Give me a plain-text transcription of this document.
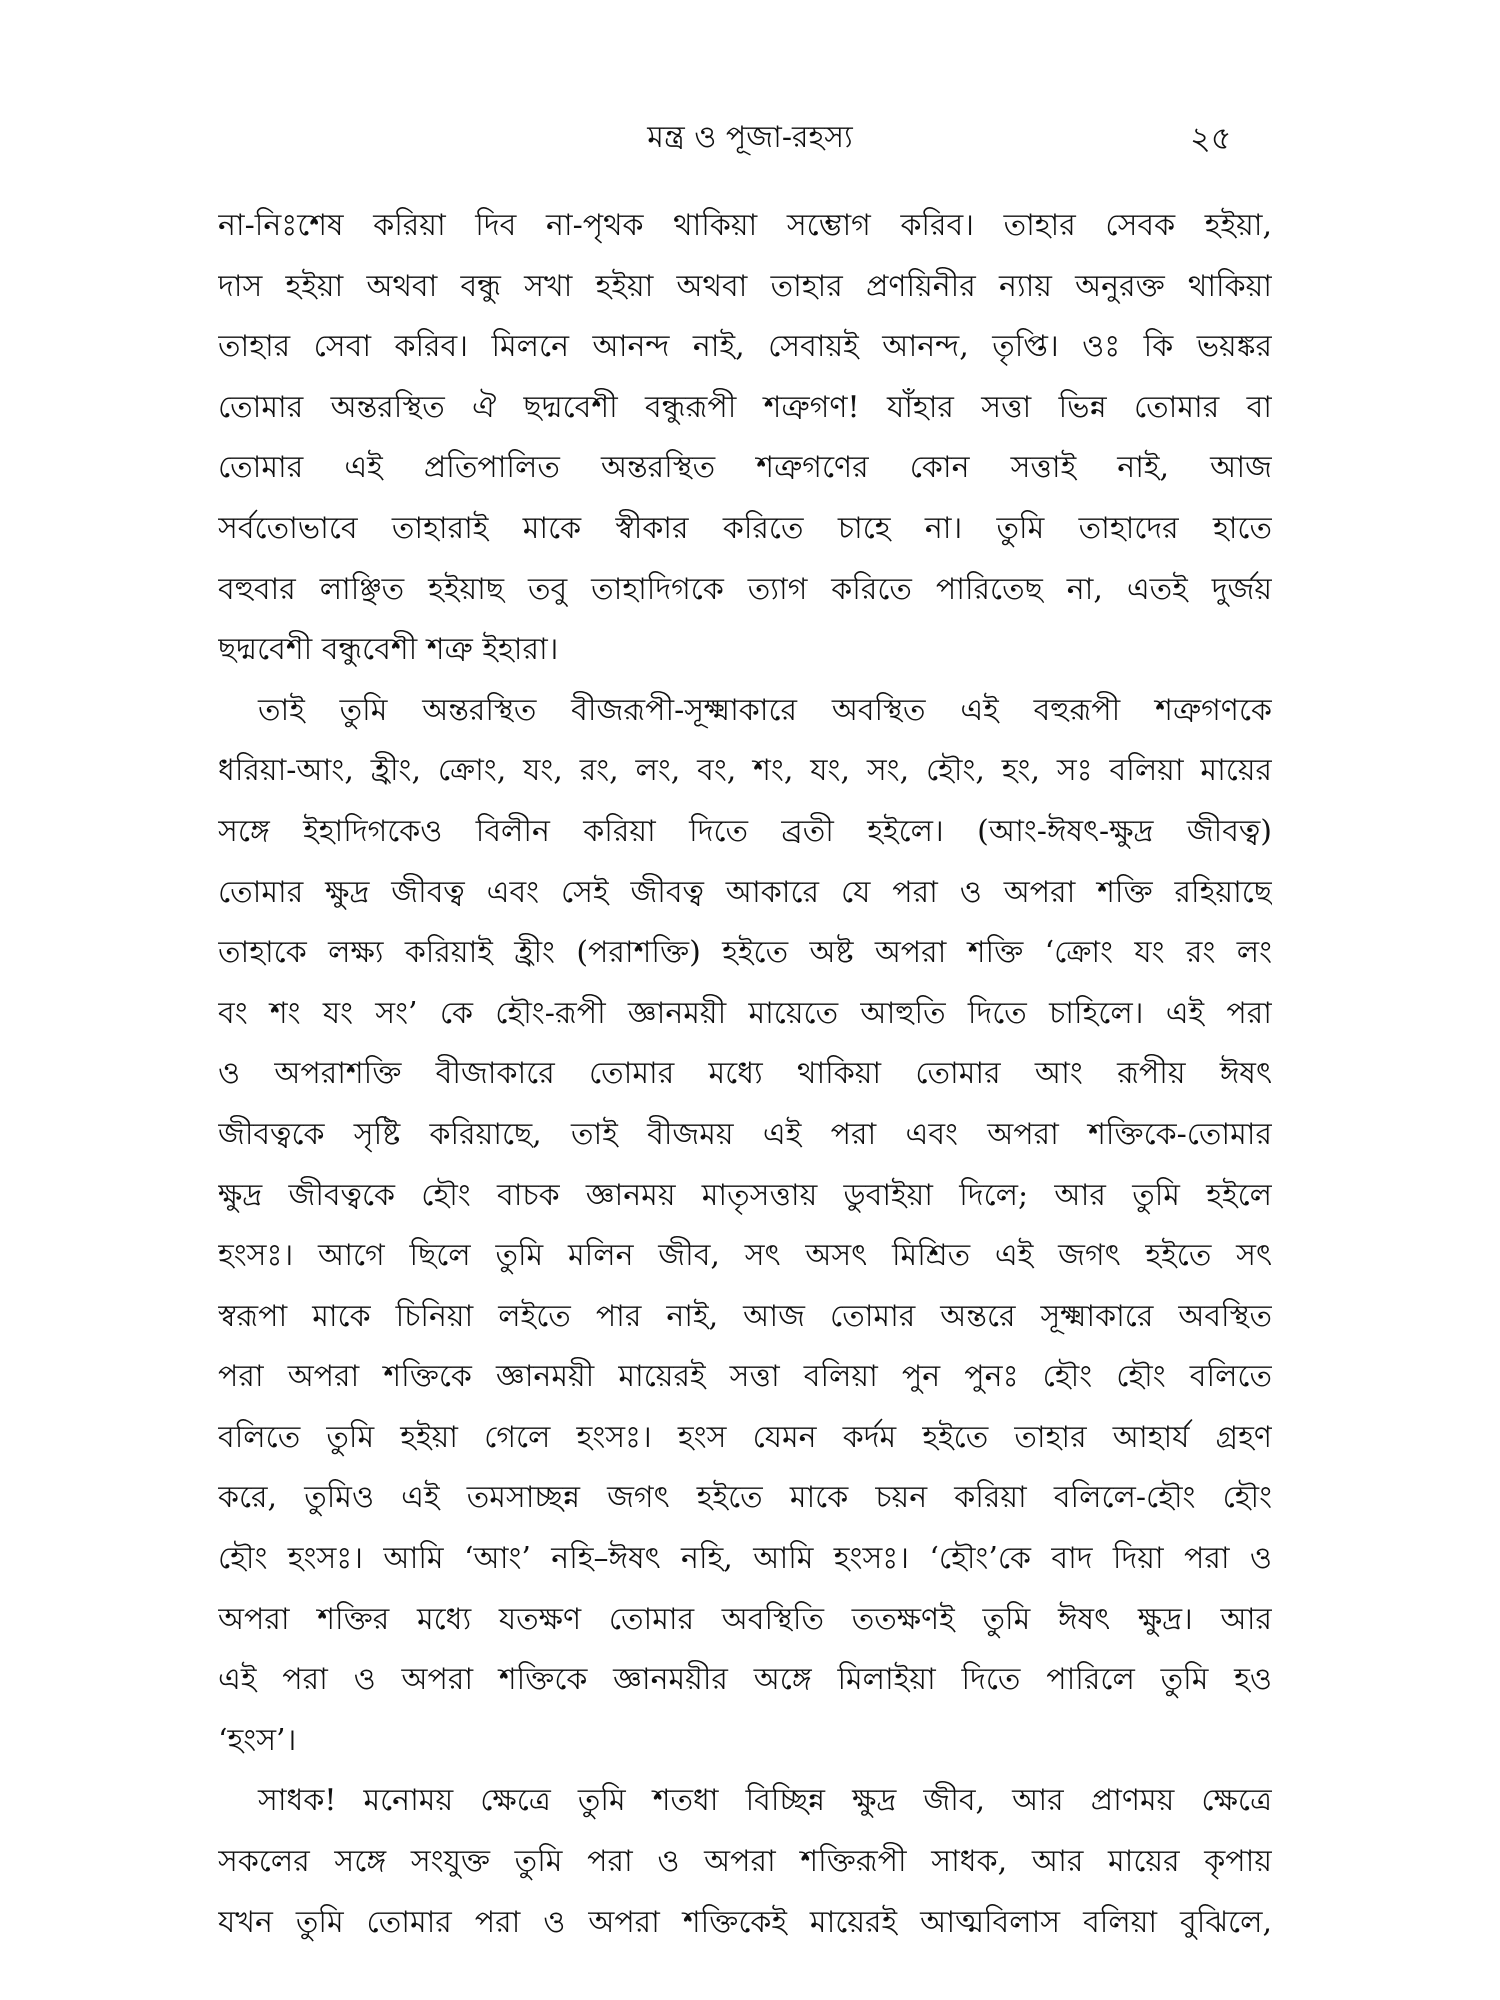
মন্ত্র ও পূজা-রহস্য	২৫
না-নিঃশেষ করিয়া দিব না-পৃথক থাকিয়া সম্ভোগ করিব। তাহার সেবক হইয়া,
দাস হইয়া অথবা বন্ধু সখা হইয়া অথবা তাহার প্রণয়িনীর ন্যায় অনুরক্ত থাকিয়া
তাহার সেবা করিব। মিলনে আনন্দ নাই, সেবায়ই আনন্দ, তৃপ্তি। ওঃ কি ভয়ঙ্কর
তোমার অন্তরস্থিত ঐ ছদ্মবেশী বন্ধুরূপী শত্রুগণ! যাঁহার সত্তা ভিন্ন তোমার বা
তোমার এই প্রতিপালিত অন্তরস্থিত শত্রুগণের কোন সত্তাই নাই, আজ
সর্বতোভাবে তাহারাই মাকে স্বীকার করিতে চাহে না। তুমি তাহাদের হাতে
বহুবার লাঞ্ছিত হইয়াছ তবু তাহাদিগকে ত্যাগ করিতে পারিতেছ না, এতই দুর্জয়
ছদ্মবেশী বন্ধুবেশী শত্রু ইহারা।
তাই তুমি অন্তরস্থিত বীজরূপী-সূক্ষ্মাকারে অবস্থিত এই বহুরূপী শত্রুগণকে
ধরিয়া-আং, হ্রীং, ক্রোং, যং, রং, লং, বং, শং, যং, সং, হৌং, হং, সঃ বলিয়া মায়ের
সঙ্গে ইহাদিগকেও বিলীন করিয়া দিতে ব্রতী হইলে। (আং-ঈষৎ-ক্ষুদ্র জীবত্ব)
তোমার ক্ষুদ্র জীবত্ব এবং সেই জীবত্ব আকারে যে পরা ও অপরা শক্তি রহিয়াছে
তাহাকে লক্ষ্য করিয়াই হ্রীং (পরাশক্তি) হইতে অষ্ট অপরা শক্তি ‘ক্রোং যং রং লং
বং শং যং সং’ কে হৌং-রূপী জ্ঞানময়ী মায়েতে আহুতি দিতে চাহিলে। এই পরা
ও অপরাশক্তি বীজাকারে তোমার মধ্যে থাকিয়া তোমার আং রূপীয় ঈষৎ
জীবত্বকে সৃষ্টি করিয়াছে, তাই বীজময় এই পরা এবং অপরা শক্তিকে-তোমার
ক্ষুদ্র জীবত্বকে হৌং বাচক জ্ঞানময় মাতৃসত্তায় ডুবাইয়া দিলে; আর তুমি হইলে
হংসঃ। আগে ছিলে তুমি মলিন জীব, সৎ অসৎ মিশ্রিত এই জগৎ হইতে সৎ
স্বরূপা মাকে চিনিয়া লইতে পার নাই, আজ তোমার অন্তরে সূক্ষ্মাকারে অবস্থিত
পরা অপরা শক্তিকে জ্ঞানময়ী মায়েরই সত্তা বলিয়া পুন পুনঃ হৌং হৌং বলিতে
বলিতে তুমি হইয়া গেলে হংসঃ। হংস যেমন কর্দম হইতে তাহার আহার্য গ্রহণ
করে, তুমিও এই তমসাচ্ছন্ন জগৎ হইতে মাকে চয়ন করিয়া বলিলে-হৌং হৌং
হৌং হংসঃ। আমি ‘আং’ নহি–ঈষৎ নহি, আমি হংসঃ। ‘হৌং’কে বাদ দিয়া পরা ও
অপরা শক্তির মধ্যে যতক্ষণ তোমার অবস্থিতি ততক্ষণই তুমি ঈষৎ ক্ষুদ্র। আর
এই পরা ও অপরা শক্তিকে জ্ঞানময়ীর অঙ্গে মিলাইয়া দিতে পারিলে তুমি হও
‘হংস’।
সাধক! মনোময় ক্ষেত্রে তুমি শতধা বিচ্ছিন্ন ক্ষুদ্র জীব, আর প্রাণময় ক্ষেত্রে
সকলের সঙ্গে সংযুক্ত তুমি পরা ও অপরা শক্তিরূপী সাধক, আর মায়ের কৃপায়
যখন তুমি তোমার পরা ও অপরা শক্তিকেই মায়েরই আত্মবিলাস বলিয়া বুঝিলে,
